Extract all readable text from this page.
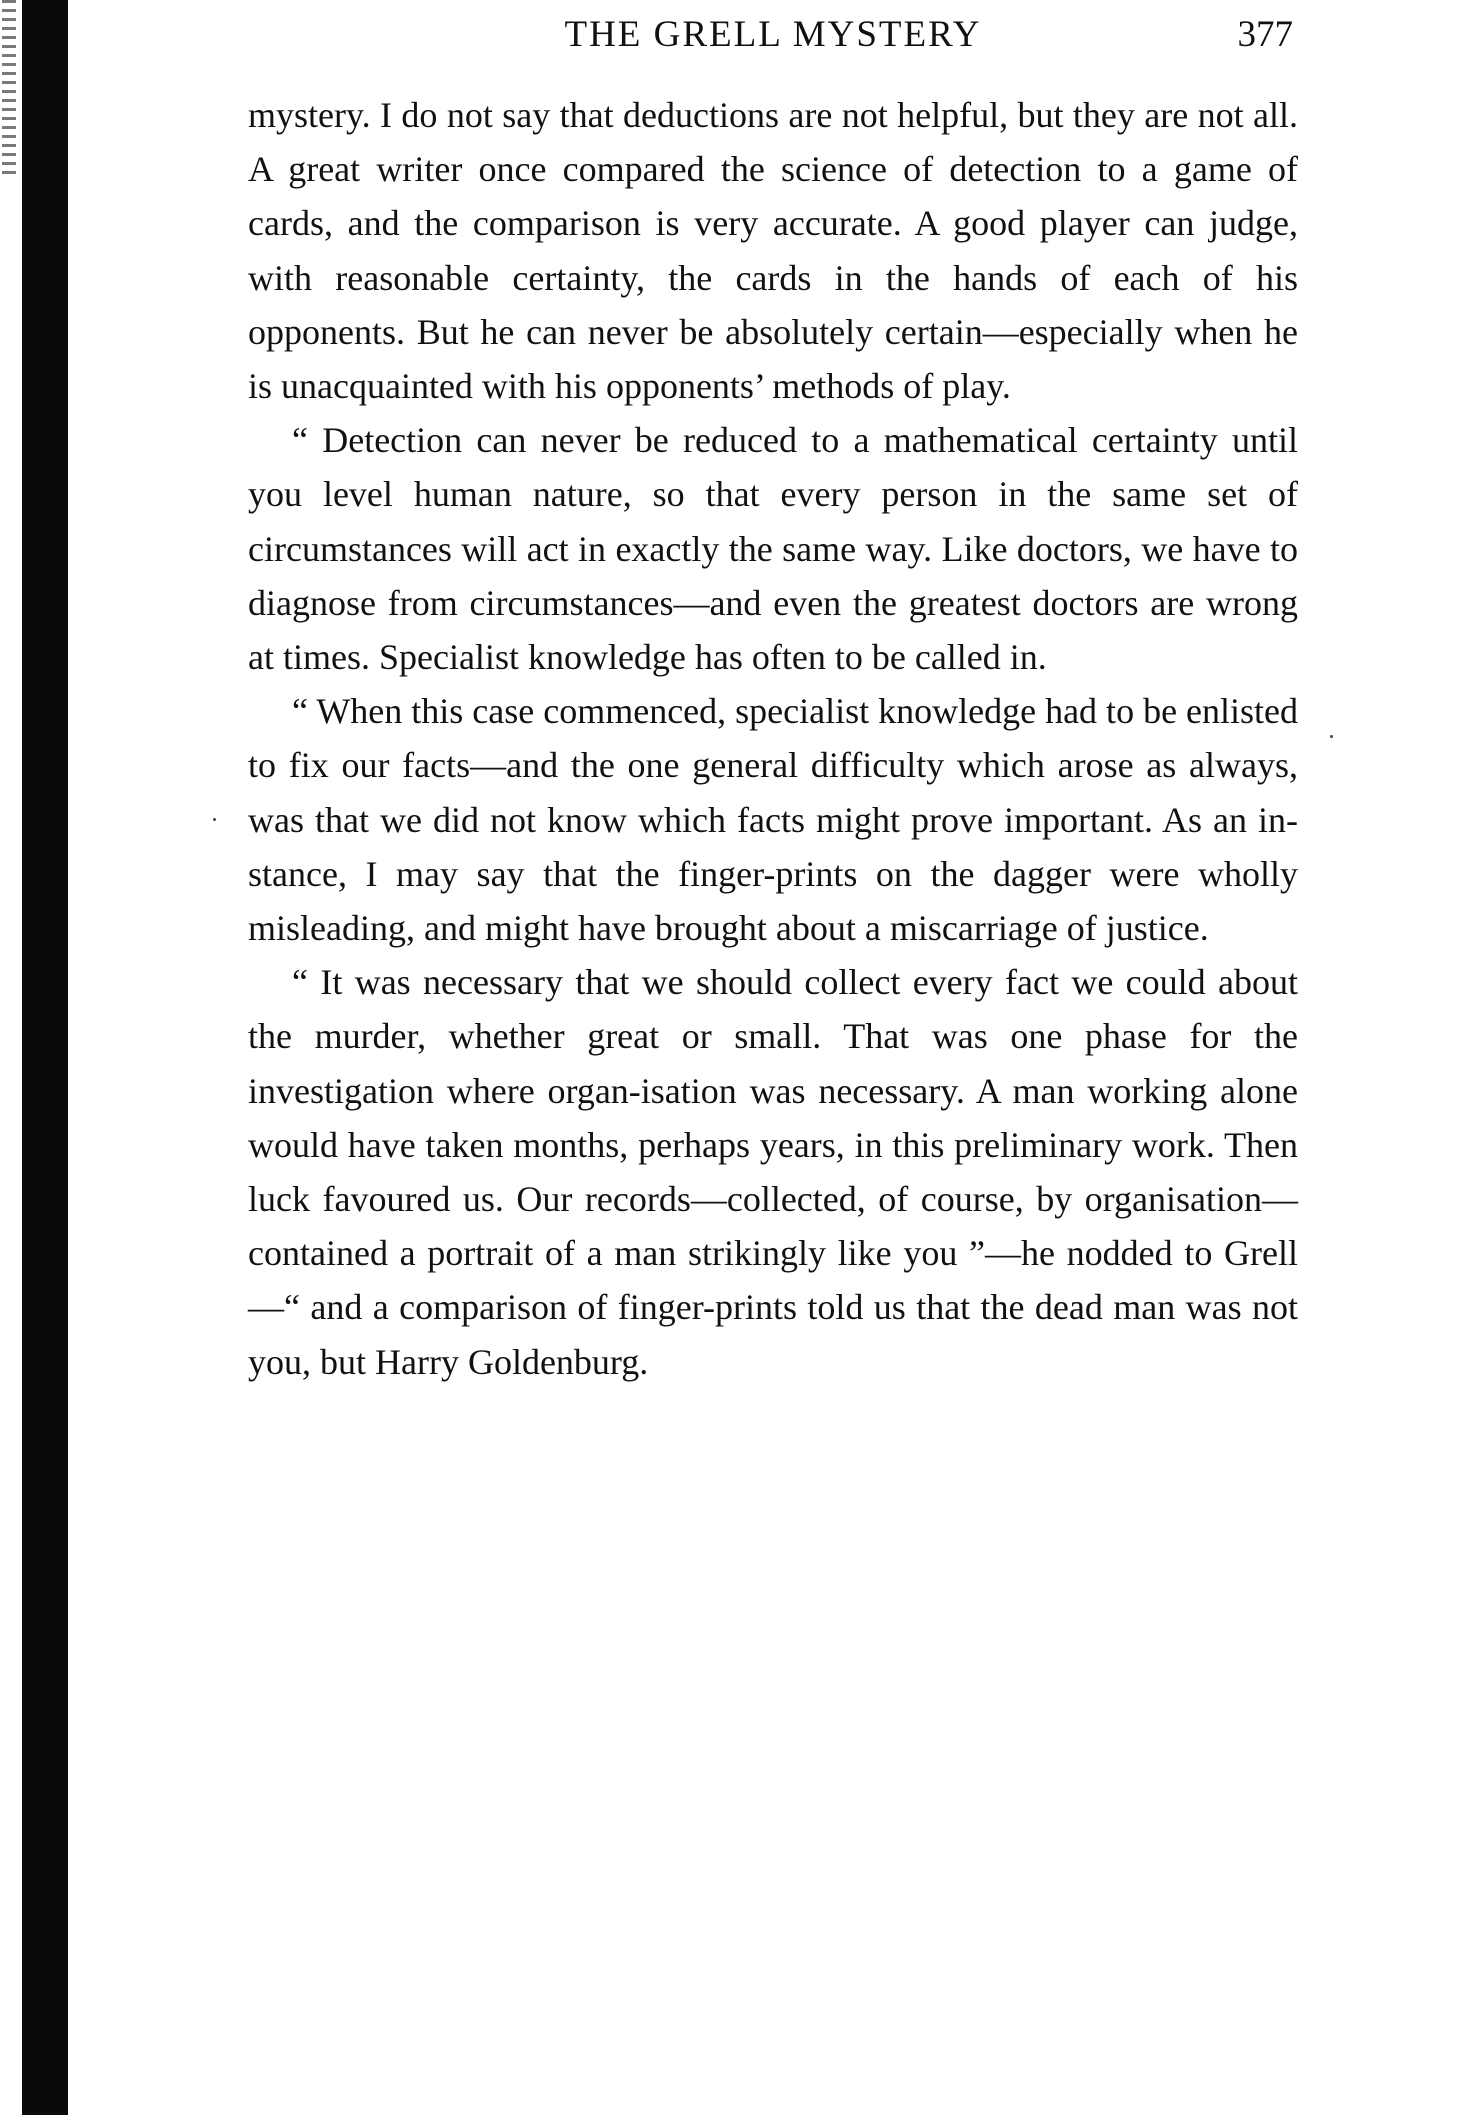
THE GRELL MYSTERY	377

mystery. I do not say that deductions are not helpful, but they are not all. A great writer once compared the science of detection to a game of cards, and the comparison is very accurate. A good player can judge, with reasonable certainty, the cards in the hands of each of his opponents. But he can never be absolutely certain—especially when he is unacquainted with his opponents’ methods of play.

“ Detection can never be reduced to a mathematical certainty until you level human nature, so that every person in the same set of circumstances will act in exactly the same way. Like doctors, we have to diagnose from circumstances—and even the greatest doctors are wrong at times. Specialist knowledge has often to be called in.

“ When this case commenced, specialist knowledge had to be enlisted to fix our facts—and the one general difficulty which arose as always, was that we did not know which facts might prove important. As an in-stance, I may say that the finger-prints on the dagger were wholly misleading, and might have brought about a miscarriage of justice.

“ It was necessary that we should collect every fact we could about the murder, whether great or small. That was one phase for the investigation where organ-isation was necessary. A man working alone would have taken months, perhaps years, in this preliminary work. Then luck favoured us. Our records—collected, of course, by organisation—contained a portrait of a man strikingly like you ”—he nodded to Grell—“ and a comparison of finger-prints told us that the dead man was not you, but Harry Goldenburg.
